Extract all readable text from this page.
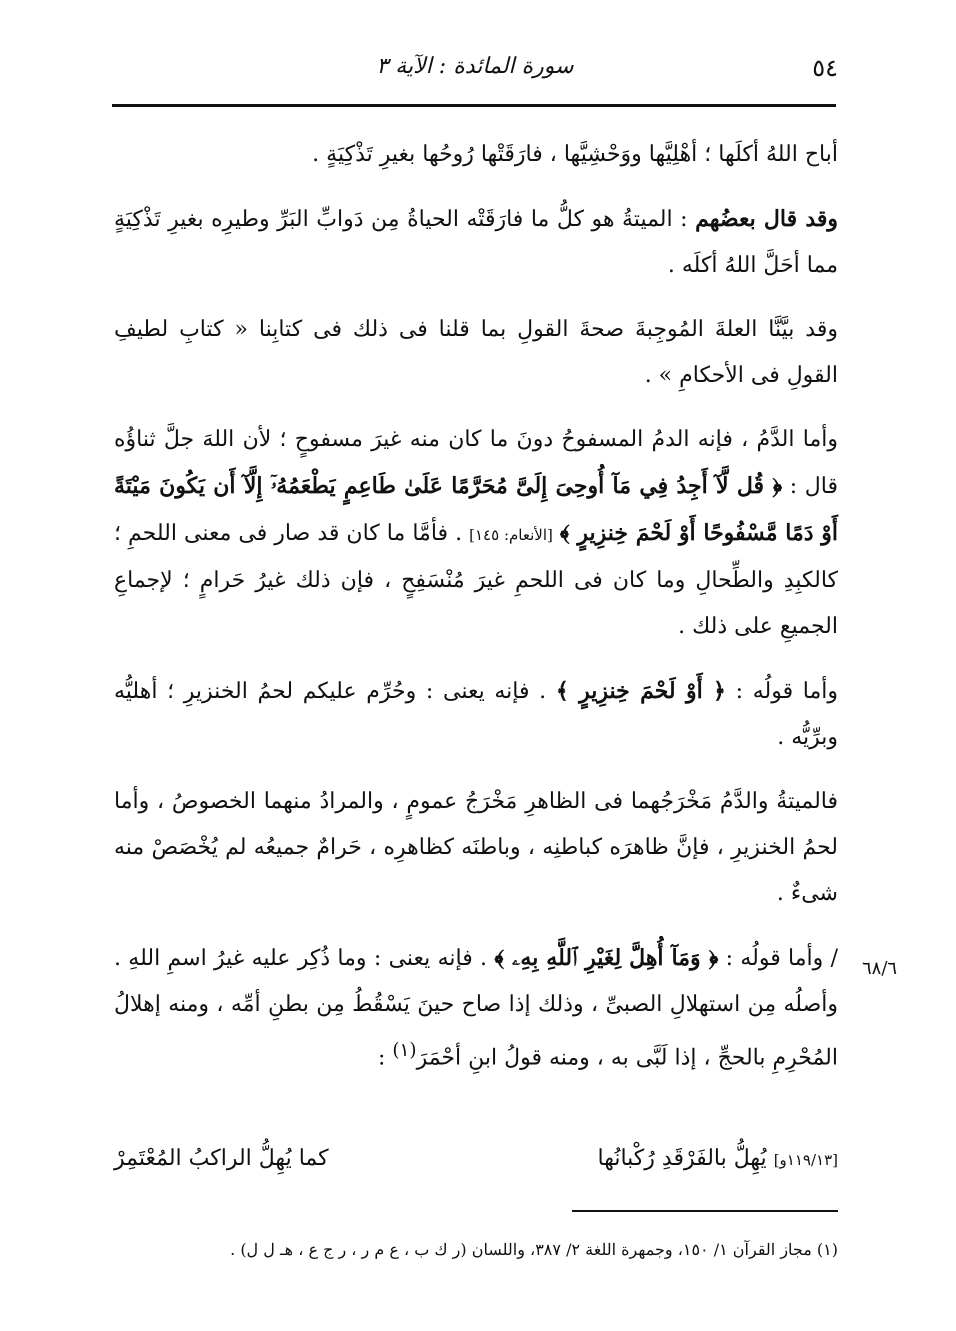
٥٤
سورة المائدة : الآية ٣

أباح اللهُ أكلَها ؛ أهْلِيَّها ووَحْشِيَّها ، فارَقَتْها رُوحُها بغيرِ تَذْكِيَةٍ .

وقد قال بعضُهم : الميتةُ هو كلُّ ما فارَقَتْه الحياةُ مِن دَوابِّ البَرِّ وطيرِه بغيرِ تَذْكِيَةٍ مما أحَلَّ اللهُ أكلَه .

وقد بيَّنَّا العلةَ المُوجِبةَ صحةَ القولِ بما قلنا فى ذلك فى كتابِنا « كتابِ لطيفِ القولِ فى الأحكامِ » .

وأما الدَّمُ ، فإنه الدمُ المسفوحُ دونَ ما كان منه غيرَ مسفوحٍ ؛ لأن اللهَ جلَّ ثناؤُه قال : ﴿ قُل لَّآ أَجِدُ فِي مَآ أُوحِىَ إِلَىَّ مُحَرَّمًا عَلَىٰ طَاعِمٍ يَطْعَمُهُۥٓ إِلَّآ أَن يَكُونَ مَيْتَةً أَوْ دَمًا مَّسْفُوحًا أَوْ لَحْمَ خِنزِيرٍ ﴾ [الأنعام: ١٤٥] . فأمَّا ما كان قد صار فى معنى اللحمِ ؛ كالكبِدِ والطِّحالِ وما كان فى اللحمِ غيرَ مُنْسَفِحٍ ، فإن ذلك غيرُ حَرامٍ ؛ لإجماعِ الجميعِ على ذلك .

وأما قولُه : ﴿ أَوْ لَحْمَ خِنزِيرٍ ﴾ . فإنه يعنى : وحُرِّم عليكم لحمُ الخنزيرِ ؛ أهليُّه وبرِّيُّه .

فالميتةُ والدَّمُ مَخْرَجُهما فى الظاهرِ مَخْرَجُ عمومٍ ، والمرادُ منهما الخصوصُ ، وأما لحمُ الخنزيرِ ، فإنَّ ظاهرَه كباطنِه ، وباطنَه كظاهرِه ، حَرامٌ جميعُه لم يُخْصَصْ منه شىءٌ .

/ وأما قولُه : ﴿ وَمَآ أُهِلَّ لِغَيْرِ ٱللَّهِ بِهِۦ ﴾ . فإنه يعنى : وما ذُكِر عليه غيرُ اسمِ اللهِ . وأصلُه مِن استهلالِ الصبىِّ ، وذلك إذا صاح حينَ يَسْقُطُ مِن بطنِ أمِّه ، ومنه إهلالُ المُحْرِمِ بالحجِّ ، إذا لَبَّى به ، ومنه قولُ ابنِ أحْمَرَ$^{(١)}$ :

٦٨/٦
[١١٩/١٣و] يُهِلُّ بالفَرْقَدِ رُكْبانُها
كما يُهِلُّ الراكبُ المُعْتَمِرْ
(١) مجاز القرآن ١/ ١٥٠، وجمهرة اللغة ٢/ ٣٨٧، واللسان (ر ك ب ، ع م ر ، ر ج ع ، هـ ل ل) .
